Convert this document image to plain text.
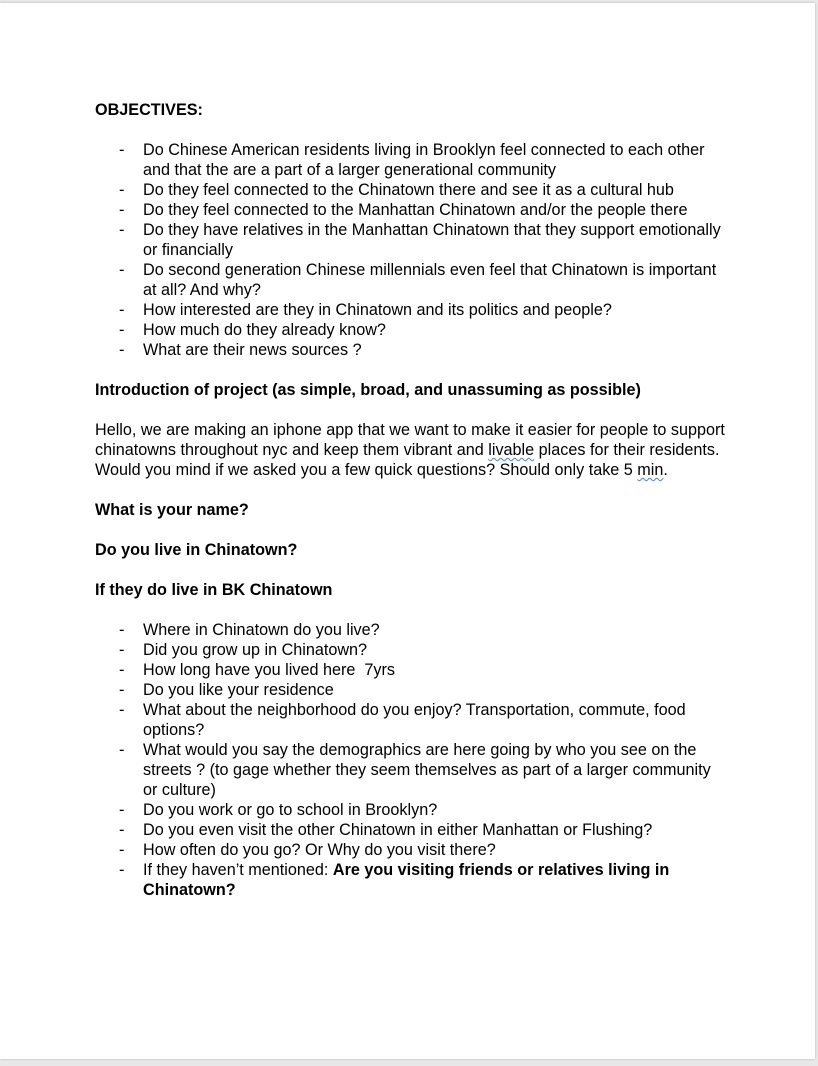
OBJECTIVES:

- Do Chinese American residents living in Brooklyn feel connected to each other and that the are a part of a larger generational community
- Do they feel connected to the Chinatown there and see it as a cultural hub
- Do they feel connected to the Manhattan Chinatown and/or the people there
- Do they have relatives in the Manhattan Chinatown that they support emotionally or financially
- Do second generation Chinese millennials even feel that Chinatown is important at all? And why?
- How interested are they in Chinatown and its politics and people?
- How much do they already know?
- What are their news sources ?

Introduction of project (as simple, broad, and unassuming as possible)

Hello, we are making an iphone app that we want to make it easier for people to support chinatowns throughout nyc and keep them vibrant and livable places for their residents. Would you mind if we asked you a few quick questions? Should only take 5 min.

What is your name?

Do you live in Chinatown?

If they do live in BK Chinatown

- Where in Chinatown do you live?
- Did you grow up in Chinatown?
- How long have you lived here  7yrs
- Do you like your residence
- What about the neighborhood do you enjoy? Transportation, commute, food options?
- What would you say the demographics are here going by who you see on the streets ? (to gage whether they seem themselves as part of a larger community or culture)
- Do you work or go to school in Brooklyn?
- Do you even visit the other Chinatown in either Manhattan or Flushing?
- How often do you go? Or Why do you visit there?
- If they haven’t mentioned: Are you visiting friends or relatives living in Chinatown?
